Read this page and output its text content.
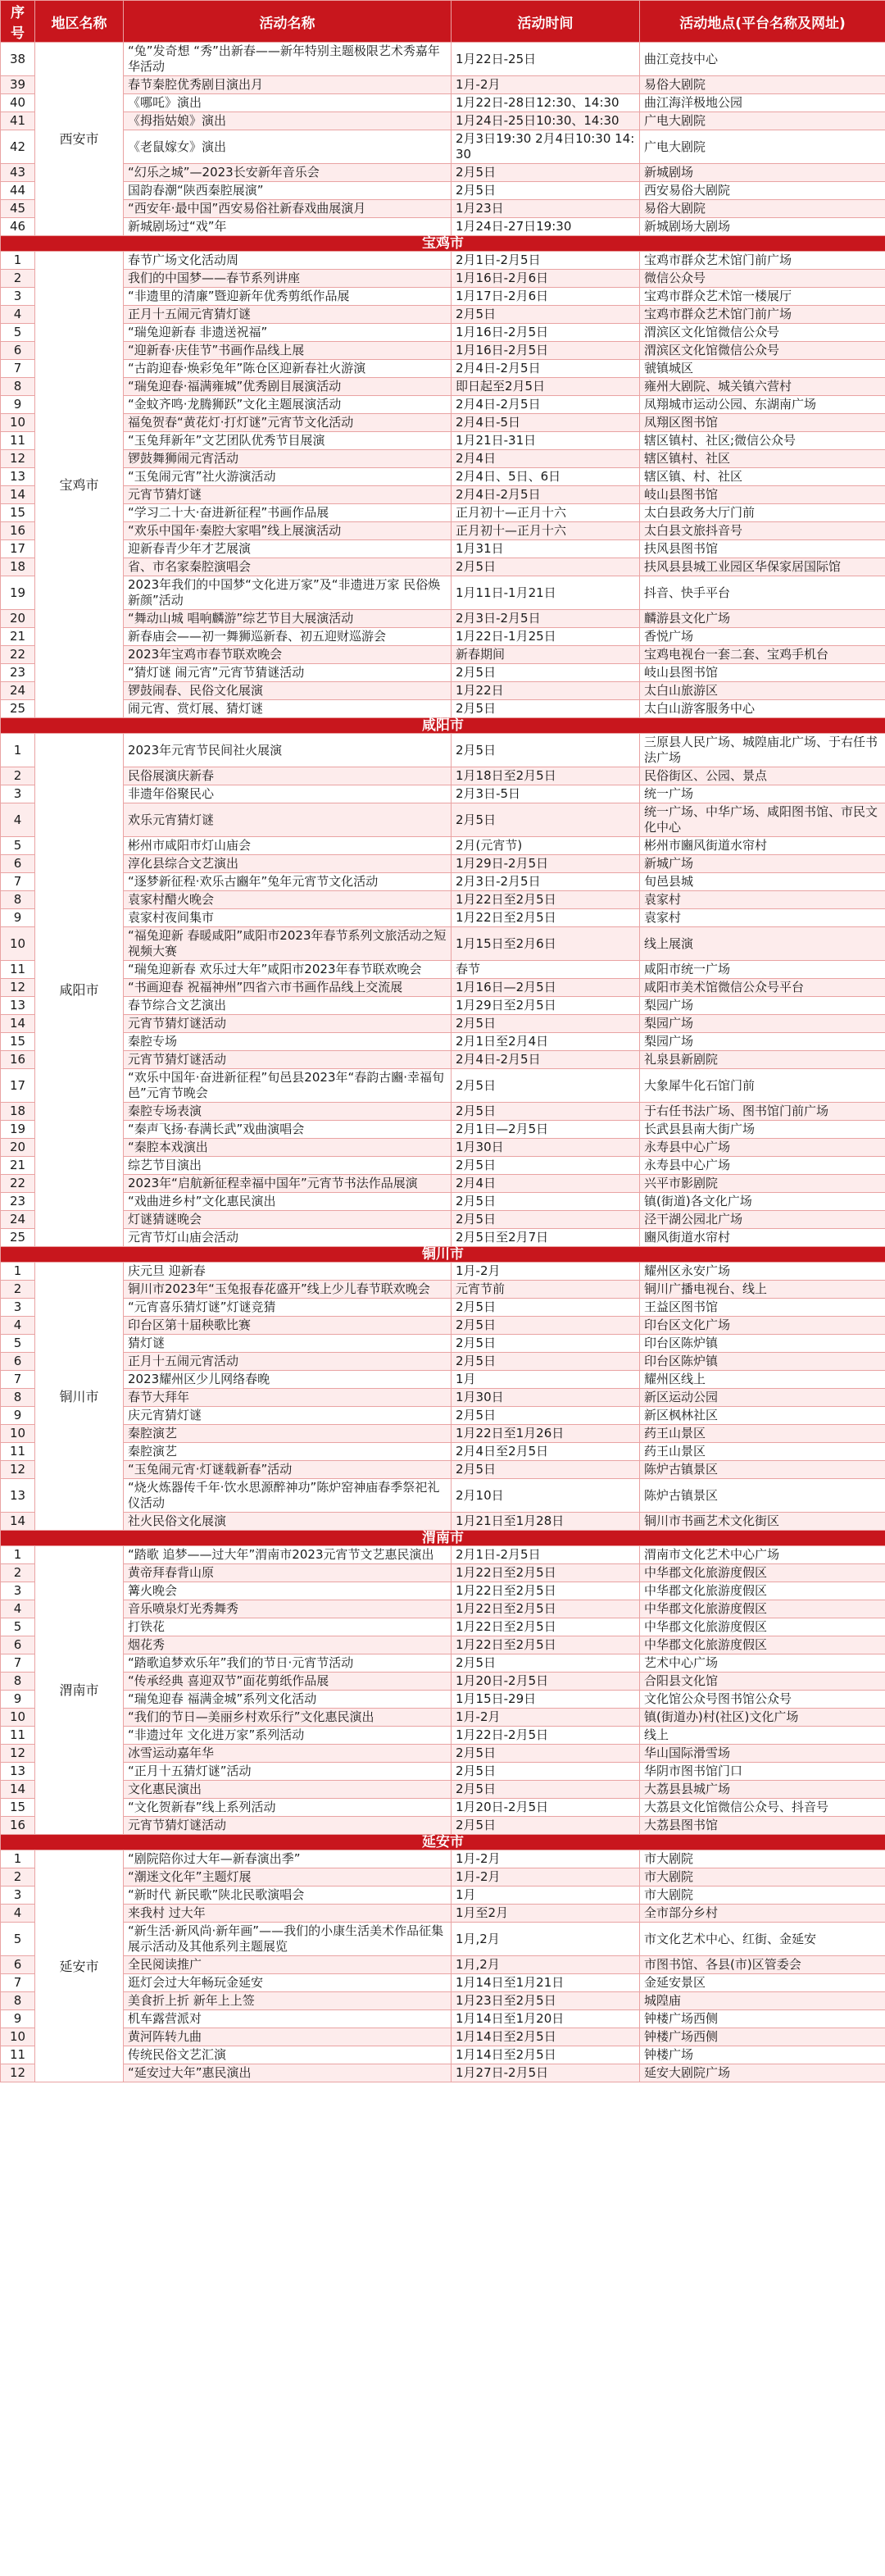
序号	地区名称	活动名称	活动时间	活动地点(平台名称及网址)
38	西安市	“兔”发奇想 “秀”出新春——新年特别主题极限艺术秀嘉年华活动	1月22日-25日	曲江竞技中心
39		春节秦腔优秀剧目演出月	1月-2月	易俗大剧院
40		《哪吒》演出	1月22日-28日12:30、14:30	曲江海洋极地公园
41		《拇指姑娘》演出	1月24日-25日10:30、14:30	广电大剧院
42		《老鼠嫁女》演出	2月3日19:30 2月4日10:30 14:30	广电大剧院
43		“幻乐之城”—2023长安新年音乐会	2月5日	新城剧场
44		国韵春潮“陕西秦腔展演”	2月5日	西安易俗大剧院
45		“西安年·最中国”西安易俗社新春戏曲展演月	1月23日	易俗大剧院
46		新城剧场过“戏”年	1月24日-27日19:30	新城剧场大剧场
宝鸡市				
1	宝鸡市	春节广场文化活动周	2月1日-2月5日	宝鸡市群众艺术馆门前广场
2		我们的中国梦——春节系列讲座	1月16日-2月6日	微信公众号
3		“非遗里的清廉”暨迎新年优秀剪纸作品展	1月17日-2月6日	宝鸡市群众艺术馆一楼展厅
4		正月十五闹元宵猜灯谜	2月5日	宝鸡市群众艺术馆门前广场
5		“瑞兔迎新春 非遗送祝福”	1月16日-2月5日	渭滨区文化馆微信公众号
6		“迎新春·庆佳节”书画作品线上展	1月16日-2月5日	渭滨区文化馆微信公众号
7		“古韵迎春·焕彩兔年”陈仓区迎新春社火游演	2月4日-2月5日	虢镇城区
8		“瑞兔迎春·福满雍城”优秀剧目展演活动	即日起至2月5日	雍州大剧院、城关镇六营村
9		“金蚊齐鸣·龙腾狮跃”文化主题展演活动	2月4日-2月5日	凤翔城市运动公园、东湖南广场
10		福兔贺春“黄花灯·打灯谜”元宵节文化活动	2月4日-5日	凤翔区图书馆
11		“玉兔拜新年”文艺团队优秀节目展演	1月21日-31日	辖区镇村、社区;微信公众号
12		锣鼓舞狮闹元宵活动	2月4日	辖区镇村、社区
13		“玉兔闹元宵”社火游演活动	2月4日、5日、6日	辖区镇、村、社区
14		元宵节猜灯谜	2月4日-2月5日	岐山县图书馆
15		“学习二十大·奋进新征程”书画作品展	正月初十—正月十六	太白县政务大厅门前
16		“欢乐中国年·秦腔大家唱”线上展演活动	正月初十—正月十六	太白县文旅抖音号
17		迎新春青少年才艺展演	1月31日	扶风县图书馆
18		省、市名家秦腔演唱会	2月5日	扶风县县城工业园区华保家居国际馆
19		2023年我们的中国梦“文化进万家”及“非遗进万家 民俗焕新颜”活动	1月11日-1月21日	抖音、快手平台
20		“舞动山城 唱响麟游”综艺节目大展演活动	2月3日-2月5日	麟游县文化广场
21		新春庙会——初一舞狮巡新春、初五迎财巡游会	1月22日-1月25日	香悦广场
22		2023年宝鸡市春节联欢晚会	新春期间	宝鸡电视台一套二套、宝鸡手机台
23		“猜灯谜 闹元宵”元宵节猜谜活动	2月5日	岐山县图书馆
24		锣鼓闹春、民俗文化展演	1月22日	太白山旅游区
25		闹元宵、赏灯展、猜灯谜	2月5日	太白山游客服务中心
咸阳市				
1	咸阳市	2023年元宵节民间社火展演	2月5日	三原县人民广场、城隍庙北广场、于右任书法广场
2		民俗展演庆新春	1月18日至2月5日	民俗街区、公园、景点
3		非遗年俗聚民心	2月3日-5日	统一广场
4		欢乐元宵猜灯谜	2月5日	统一广场、中华广场、咸阳图书馆、市民文化中心
5		彬州市咸阳市灯山庙会	2月(元宵节)	彬州市豳风街道水帘村
6		淳化县综合文艺演出	1月29日-2月5日	新城广场
7		“逐梦新征程·欢乐古豳年”兔年元宵节文化活动	2月3日-2月5日	旬邑县城
8		袁家村醋火晚会	1月22日至2月5日	袁家村
9		袁家村夜间集市	1月22日至2月5日	袁家村
10		“福兔迎新 春暖咸阳”咸阳市2023年春节系列文旅活动之短视频大赛	1月15日至2月6日	线上展演
11		“瑞兔迎新春 欢乐过大年”咸阳市2023年春节联欢晚会	春节	咸阳市统一广场
12		“书画迎春 祝福神州”四省六市书画作品线上交流展	1月16日—2月5日	咸阳市美术馆微信公众号平台
13		春节综合文艺演出	1月29日至2月5日	梨园广场
14		元宵节猜灯谜活动	2月5日	梨园广场
15		秦腔专场	2月1日至2月4日	梨园广场
16		元宵节猜灯谜活动	2月4日-2月5日	礼泉县新剧院
17		“欢乐中国年·奋进新征程”旬邑县2023年“春韵古豳·幸福旬邑”元宵节晚会	2月5日	大象犀牛化石馆门前
18		秦腔专场表演	2月5日	于右任书法广场、图书馆门前广场
19		“秦声飞扬·春满长武”戏曲演唱会	2月1日—2月5日	长武县县南大街广场
20		“秦腔本戏演出	1月30日	永寿县中心广场
21		综艺节目演出	2月5日	永寿县中心广场
22		2023年“启航新征程幸福中国年”元宵节书法作品展演	2月4日	兴平市影剧院
23		“戏曲进乡村”文化惠民演出	2月5日	镇(街道)各文化广场
24		灯谜猜谜晚会	2月5日	泾干湖公园北广场
25		元宵节灯山庙会活动	2月5日至2月7日	豳风街道水帘村
铜川市				
1	铜川市	庆元旦 迎新春	1月-2月	耀州区永安广场
2		铜川市2023年“玉兔报春花盛开”线上少儿春节联欢晚会	元宵节前	铜川广播电视台、线上
3		“元宵喜乐猜灯谜”灯谜竞猜	2月5日	王益区图书馆
4		印台区第十届秧歌比赛	2月5日	印台区文化广场
5		猜灯谜	2月5日	印台区陈炉镇
6		正月十五闹元宵活动	2月5日	印台区陈炉镇
7		2023耀州区少儿网络春晚	1月	耀州区线上
8		春节大拜年	1月30日	新区运动公园
9		庆元宵猜灯谜	2月5日	新区枫林社区
10		秦腔演艺	1月22日至1月26日	药王山景区
11		秦腔演艺	2月4日至2月5日	药王山景区
12		“玉兔闹元宵·灯谜载新春”活动	2月5日	陈炉古镇景区
13		“烧火炼器传千年·饮水思源醉神功”陈炉窑神庙春季祭祀礼仪活动	2月10日	陈炉古镇景区
14		社火民俗文化展演	1月21日至1月28日	铜川市书画艺术文化街区
渭南市				
1	渭南市	“踏歌 追梦——过大年”渭南市2023元宵节文艺惠民演出	2月1日-2月5日	渭南市文化艺术中心广场
2		黄帝拜春背山原	1月22日至2月5日	中华郡文化旅游度假区
3		篝火晚会	1月22日至2月5日	中华郡文化旅游度假区
4		音乐喷泉灯光秀舞秀	1月22日至2月5日	中华郡文化旅游度假区
5		打铁花	1月22日至2月5日	中华郡文化旅游度假区
6		烟花秀	1月22日至2月5日	中华郡文化旅游度假区
7		“踏歌追梦欢乐年”我们的节日·元宵节活动	2月5日	艺术中心广场
8		“传承经典 喜迎双节”面花剪纸作品展	1月20日-2月5日	合阳县文化馆
9		“瑞兔迎春 福满金城”系列文化活动	1月15日-29日	文化馆公众号图书馆公众号
10		“我们的节日—美丽乡村欢乐行”文化惠民演出	1月-2月	镇(街道办)村(社区)文化广场
11		“非遗过年 文化进万家”系列活动	1月22日-2月5日	线上
12		冰雪运动嘉年华	2月5日	华山国际滑雪场
13		“正月十五猜灯谜”活动	2月5日	华阴市图书馆门口
14		文化惠民演出	2月5日	大荔县县城广场
15		“文化贺新春”线上系列活动	1月20日-2月5日	大荔县文化馆微信公众号、抖音号
16		元宵节猜灯谜活动	2月5日	大荔县图书馆
延安市				
1	延安市	“剧院陪你过大年—新春演出季”	1月-2月	市大剧院
2		“潮迷文化年”主题灯展	1月-2月	市大剧院
3		“新时代 新民歌”陕北民歌演唱会	1月	市大剧院
4		来我村 过大年	1月至2月	全市部分乡村
5		“新生活·新风尚·新年画”——我们的小康生活美术作品征集展示活动及其他系列主题展览	1月,2月	市文化艺术中心、红街、金延安
6		全民阅读推广	1月,2月	市图书馆、各县(市)区管委会
7		逛灯会过大年畅玩金延安	1月14日至1月21日	金延安景区
8		美食折上折 新年上上签	1月23日至2月5日	城隍庙
9		机车露营派对	1月14日至1月20日	钟楼广场西侧
10		黄河阵转九曲	1月14日至2月5日	钟楼广场西侧
11		传统民俗文艺汇演	1月14日至2月5日	钟楼广场
12		“延安过大年”惠民演出	1月27日-2月5日	延安大剧院广场
